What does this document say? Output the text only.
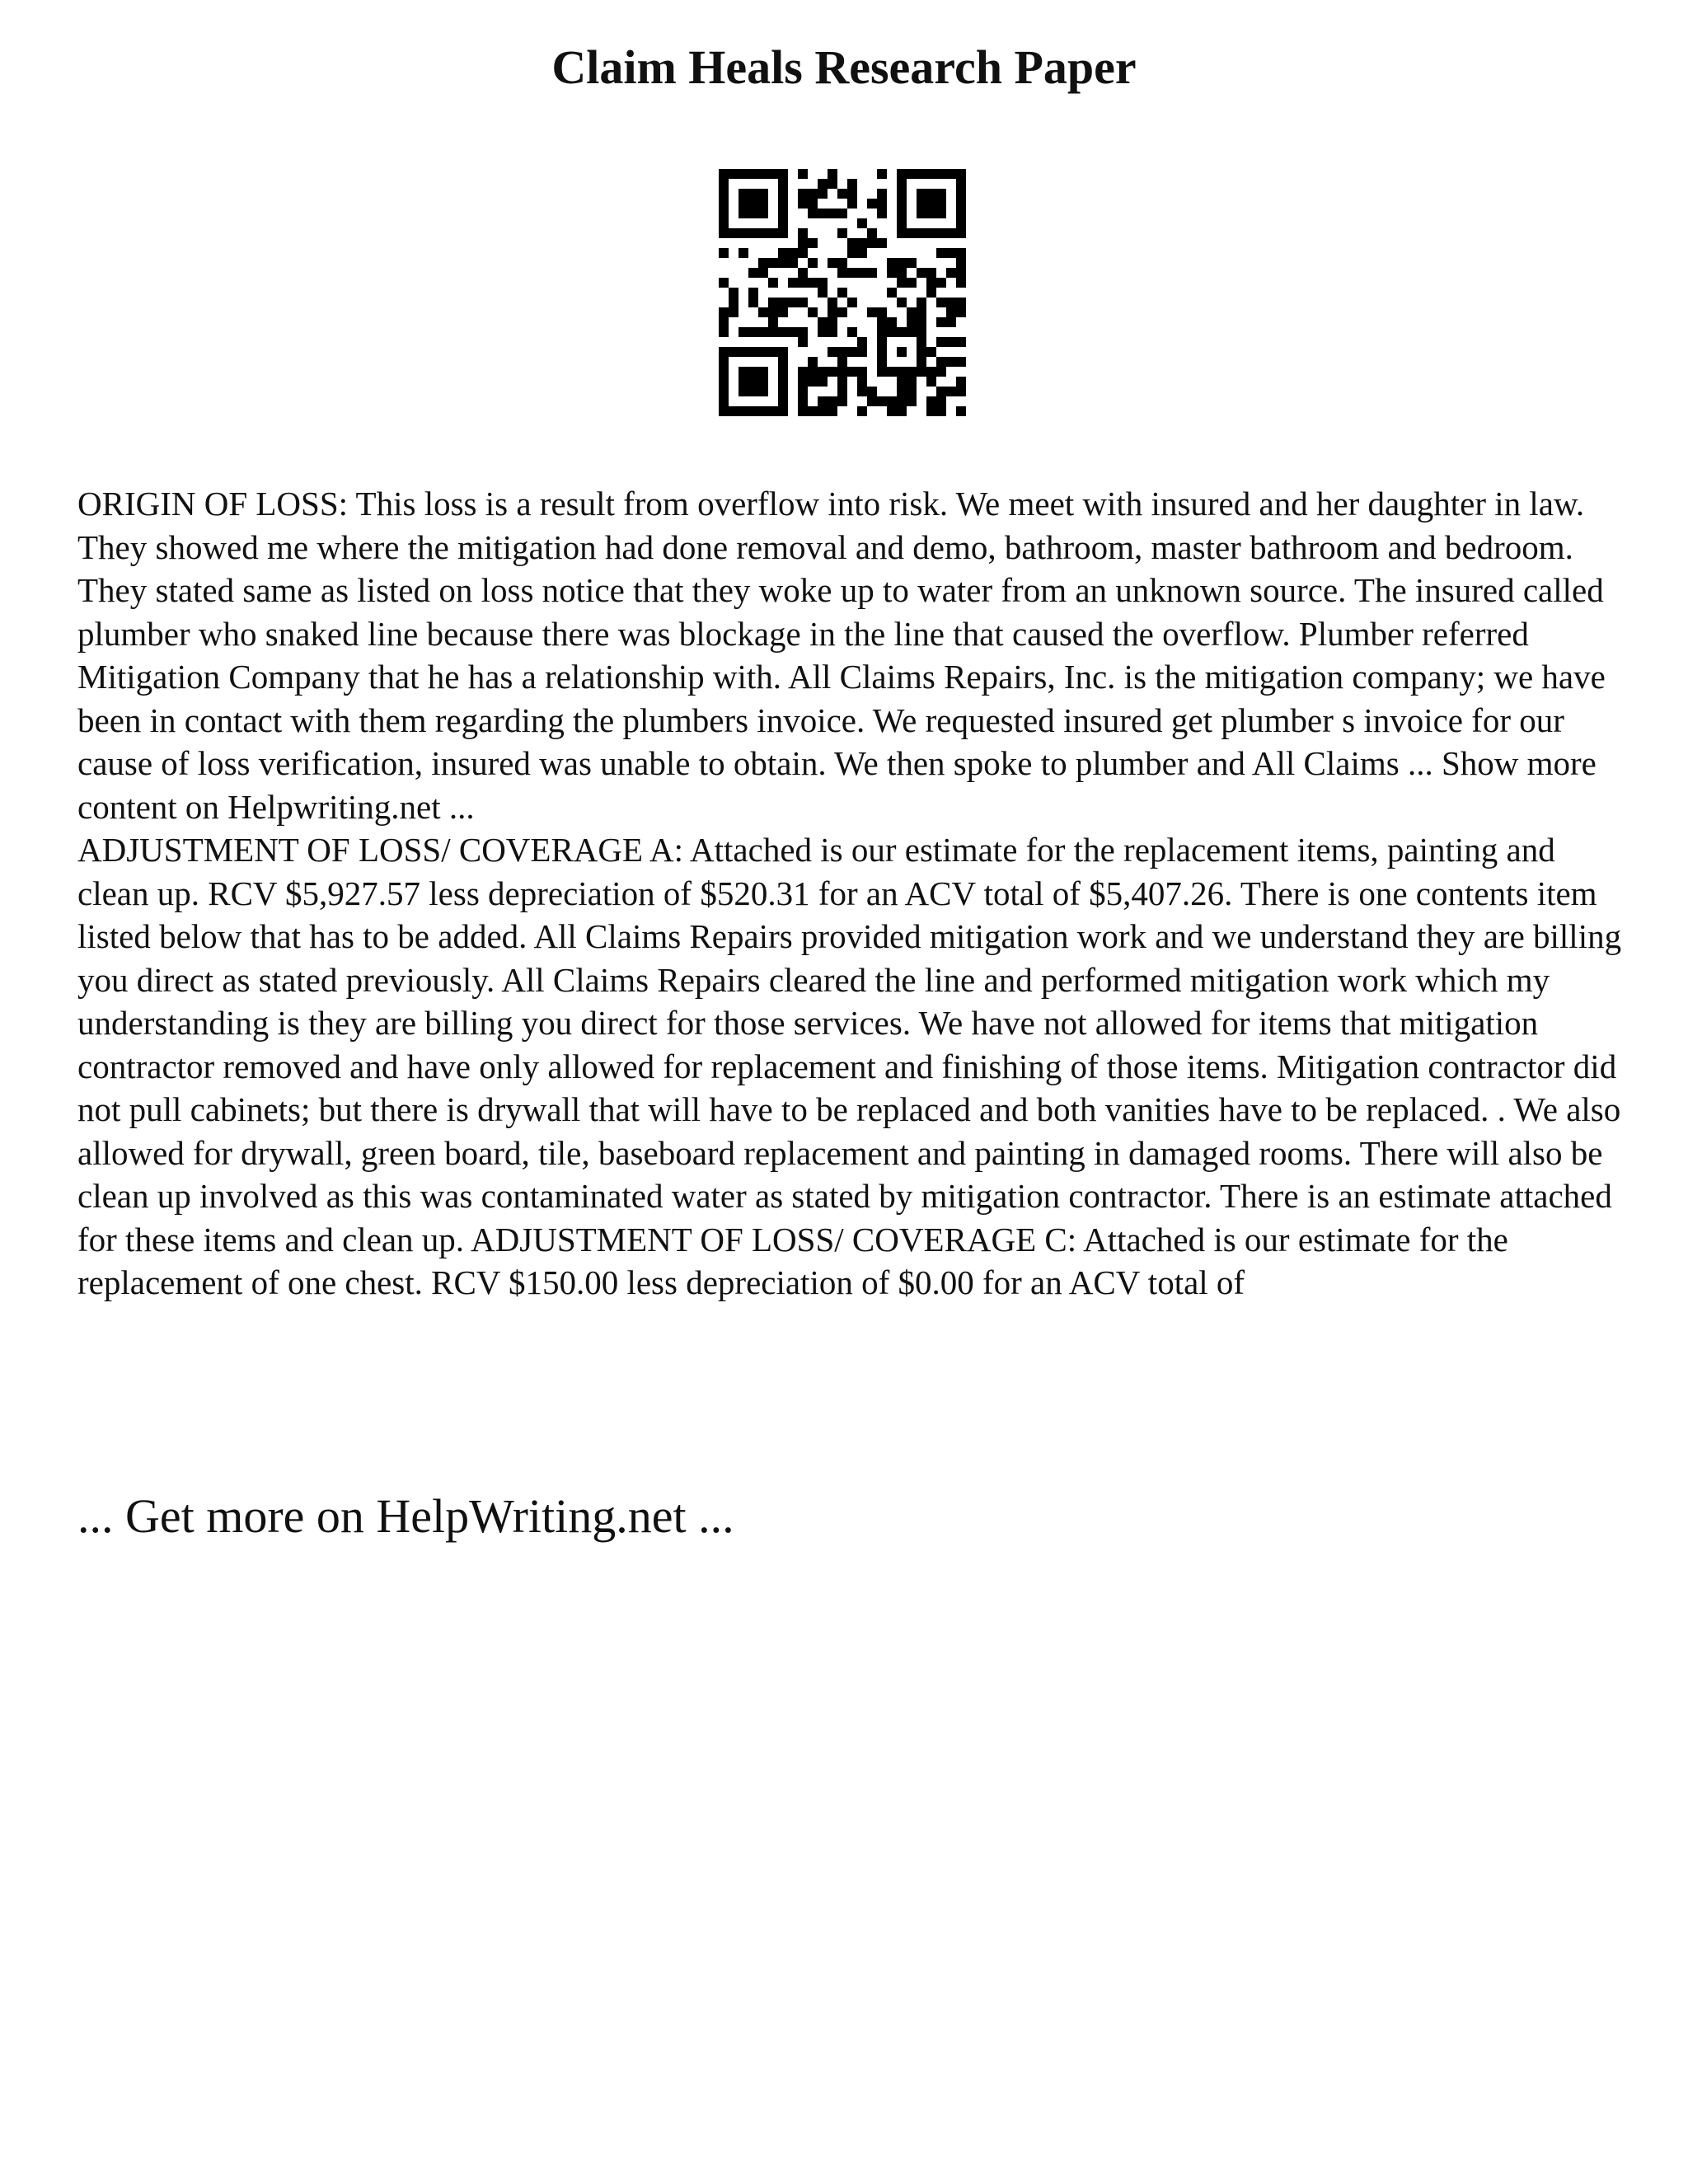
Claim Heals Research Paper

ORIGIN OF LOSS: This loss is a result from overflow into risk. We meet with insured and her daughter in law. They showed me where the mitigation had done removal and demo, bathroom, master bathroom and bedroom. They stated same as listed on loss notice that they woke up to water from an unknown source. The insured called plumber who snaked line because there was blockage in the line that caused the overflow. Plumber referred Mitigation Company that he has a relationship with. All Claims Repairs, Inc. is the mitigation company; we have been in contact with them regarding the plumbers invoice. We requested insured get plumber s invoice for our cause of loss verification, insured was unable to obtain. We then spoke to plumber and All Claims ... Show more content on Helpwriting.net ...

ADJUSTMENT OF LOSS/ COVERAGE A: Attached is our estimate for the replacement items, painting and clean up. RCV $5,927.57 less depreciation of $520.31 for an ACV total of $5,407.26. There is one contents item listed below that has to be added. All Claims Repairs provided mitigation work and we understand they are billing you direct as stated previously. All Claims Repairs cleared the line and performed mitigation work which my understanding is they are billing you direct for those services. We have not allowed for items that mitigation contractor removed and have only allowed for replacement and finishing of those items. Mitigation contractor did not pull cabinets; but there is drywall that will have to be replaced and both vanities have to be replaced. . We also allowed for drywall, green board, tile, baseboard replacement and painting in damaged rooms. There will also be clean up involved as this was contaminated water as stated by mitigation contractor. There is an estimate attached for these items and clean up. ADJUSTMENT OF LOSS/ COVERAGE C: Attached is our estimate for the replacement of one chest. RCV $150.00 less depreciation of $0.00 for an ACV total of

... Get more on HelpWriting.net ...
